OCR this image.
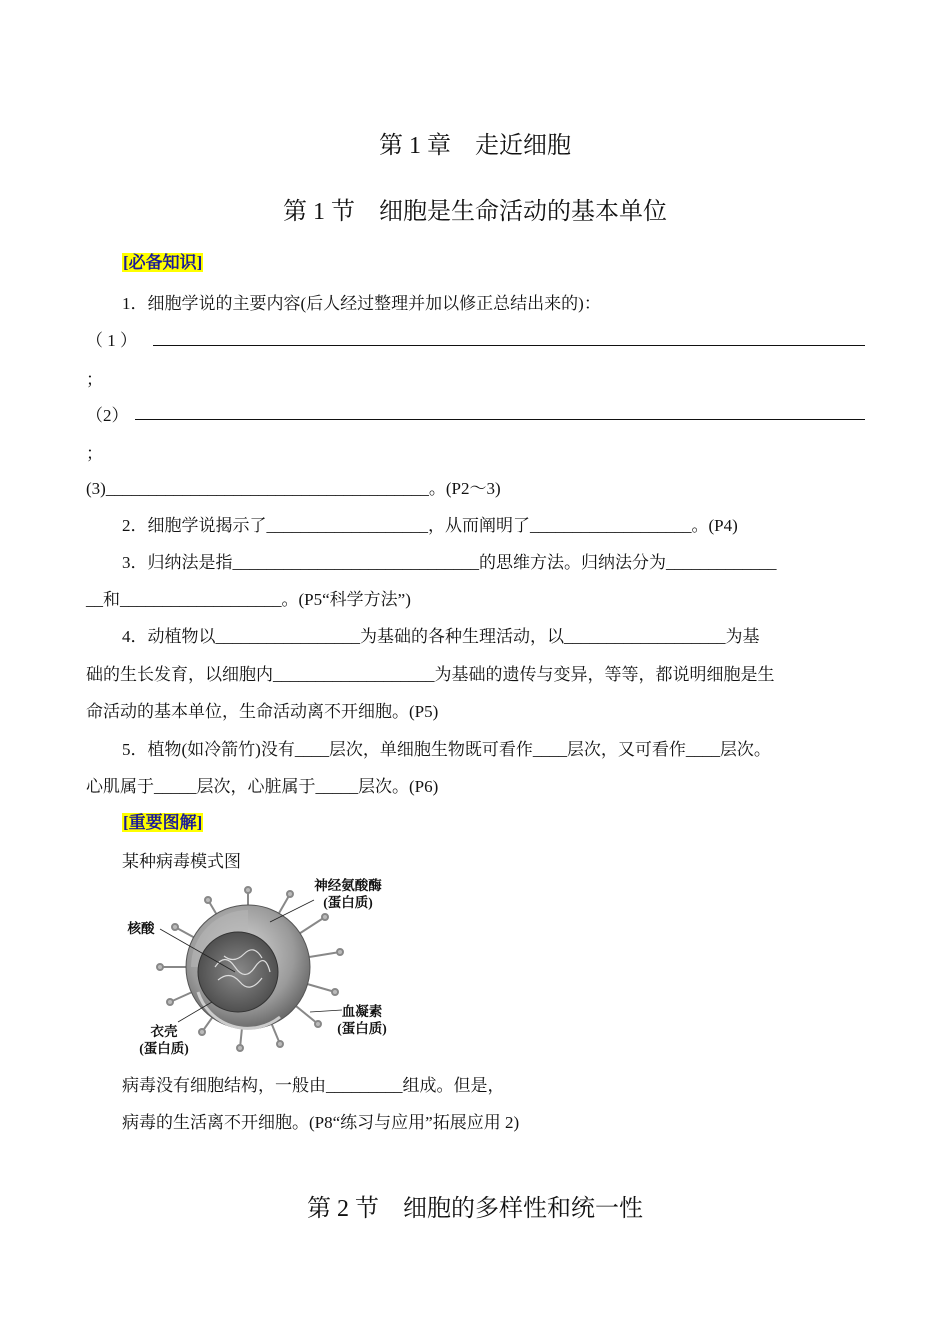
第 1 章　走近细胞
第 1 节　细胞是生命活动的基本单位
[必备知识]
1．细胞学说的主要内容(后人经过整理并加以修正总结出来的)：
（ 1 ）
；
（2）
；
(3)______________________________________。(P2～3)
2．细胞学说揭示了___________________，从而阐明了___________________。(P4)
3．归纳法是指_____________________________的思维方法。归纳法分为_____________
__和___________________。(P5“科学方法”)
4．动植物以_________________为基础的各种生理活动，以___________________为基
础的生长发育，以细胞内___________________为基础的遗传与变异，等等，都说明细胞是生
命活动的基本单位，生命活动离不开细胞。(P5)
5．植物(如冷箭竹)没有____层次，单细胞生物既可看作____层次，又可看作____层次。
心肌属于_____层次，心脏属于_____层次。(P6)
[重要图解]
某种病毒模式图
神经氨酸酶
(蛋白质)
核酸
血凝素
(蛋白质)
衣壳
(蛋白质)
病毒没有细胞结构，一般由_________组成。但是，
病毒的生活离不开细胞。(P8“练习与应用”拓展应用 2)
第 2 节　细胞的多样性和统一性
